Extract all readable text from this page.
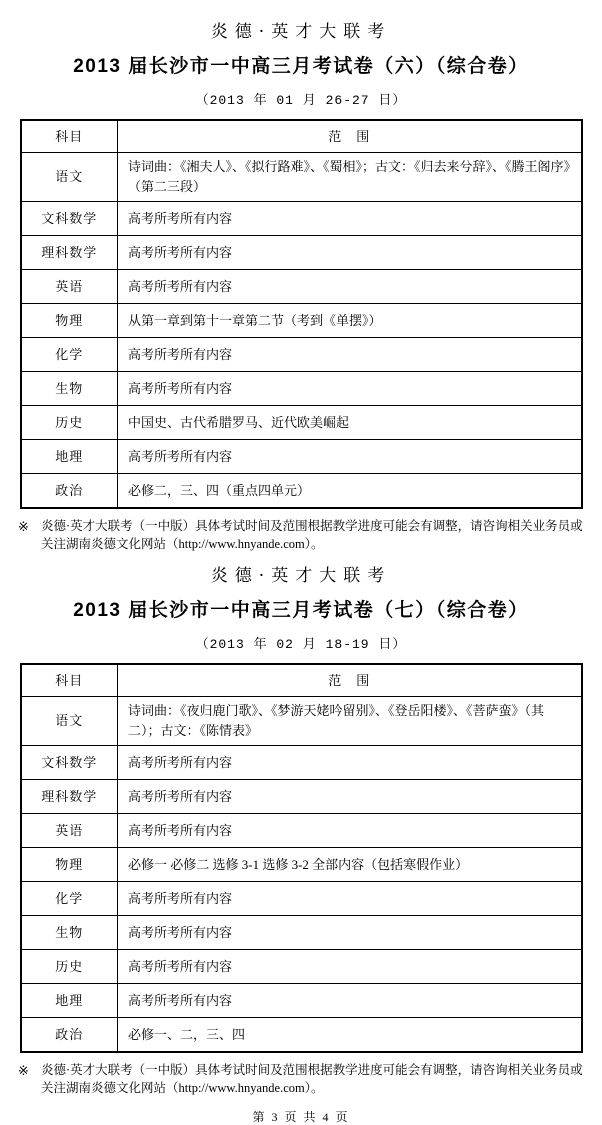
炎德·英才大联考
2013 届长沙市一中高三月考试卷（六）（综合卷）
（2013 年 01 月 26-27 日）
科目	范　围
语文	诗词曲：《湘夫人》、《拟行路难》、《蜀相》；古文：《归去来兮辞》、《腾王阁序》（第二三段）
文科数学	高考所考所有内容
理科数学	高考所考所有内容
英语	高考所考所有内容
物理	从第一章到第十一章第二节（考到《单摆》）
化学	高考所考所有内容
生物	高考所考所有内容
历史	中国史、古代希腊罗马、近代欧美崛起
地理	高考所考所有内容
政治	必修二，三、四（重点四单元）
※ 炎德·英才大联考（一中版）具体考试时间及范围根据教学进度可能会有调整，请咨询相关业务员或关注湖南炎德文化网站（http://www.hnyande.com）。
炎德·英才大联考
2013 届长沙市一中高三月考试卷（七）（综合卷）
（2013 年 02 月 18-19 日）
科目	范　围
语文	诗词曲：《夜归鹿门歌》、《梦游天姥吟留别》、《登岳阳楼》、《菩萨蛮》（其二）；古文：《陈情表》
文科数学	高考所考所有内容
理科数学	高考所考所有内容
英语	高考所考所有内容
物理	必修一 必修二 选修 3-1 选修 3-2 全部内容（包括寒假作业）
化学	高考所考所有内容
生物	高考所考所有内容
历史	高考所考所有内容
地理	高考所考所有内容
政治	必修一、二，三、四
※ 炎德·英才大联考（一中版）具体考试时间及范围根据教学进度可能会有调整，请咨询相关业务员或关注湖南炎德文化网站（http://www.hnyande.com）。
第 3 页 共 4 页
